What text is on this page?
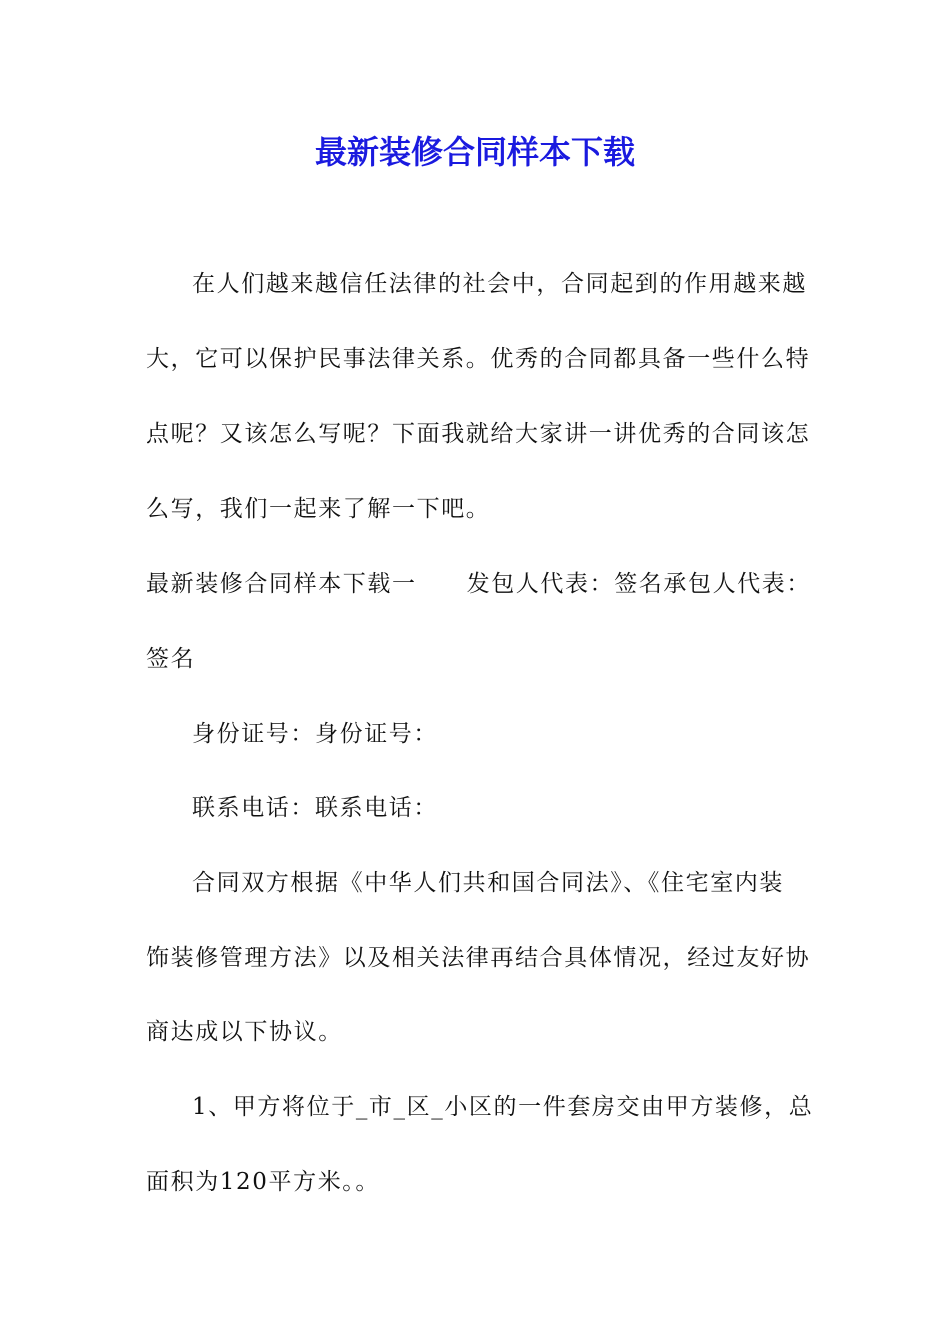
最新装修合同样本下载

在人们越来越信任法律的社会中，合同起到的作用越来越

大，它可以保护民事法律关系。优秀的合同都具备一些什么特

点呢？又该怎么写呢？下面我就给大家讲一讲优秀的合同该怎

么写，我们一起来了解一下吧。

最新装修合同样本下载一 发包人代表：签名承包人代表：

签名

身份证号：身份证号：

联系电话：联系电话：

合同双方根据《中华人们共和国合同法》、《住宅室内装

饰装修管理方法》以及相关法律再结合具体情况，经过友好协

商达成以下协议。

1、甲方将位于_市_区_小区的一件套房交由甲方装修，总

面积为120平方米。。
